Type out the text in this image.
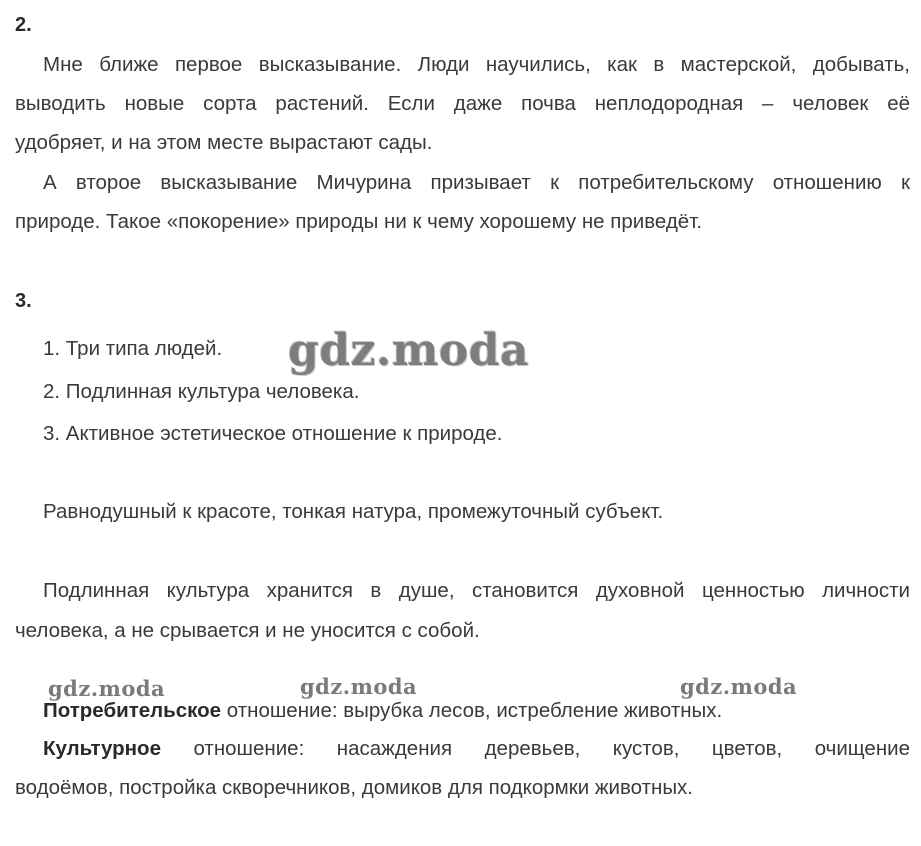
2.
Мне ближе первое высказывание. Люди научились, как в мастерской, добывать,
выводить новые сорта растений. Если даже почва неплодородная – человек её
удобряет, и на этом месте вырастают сады.
А второе высказывание Мичурина призывает к потребительскому отношению к
природе. Такое «покорение» природы ни к чему хорошему не приведёт.
3.
1. Три типа людей.
2. Подлинная культура человека.
3. Активное эстетическое отношение к природе.
Равнодушный к красоте, тонкая натура, промежуточный субъект.
Подлинная культура хранится в душе, становится духовной ценностью личности
человека, а не срывается и не уносится с собой.
Потребительское отношение: вырубка лесов, истребление животных.
Культурное отношение: насаждения деревьев, кустов, цветов, очищение
водоёмов, постройка скворечников, домиков для подкормки животных.
gdz.moda
gdz.moda	gdz.moda	gdz.moda
